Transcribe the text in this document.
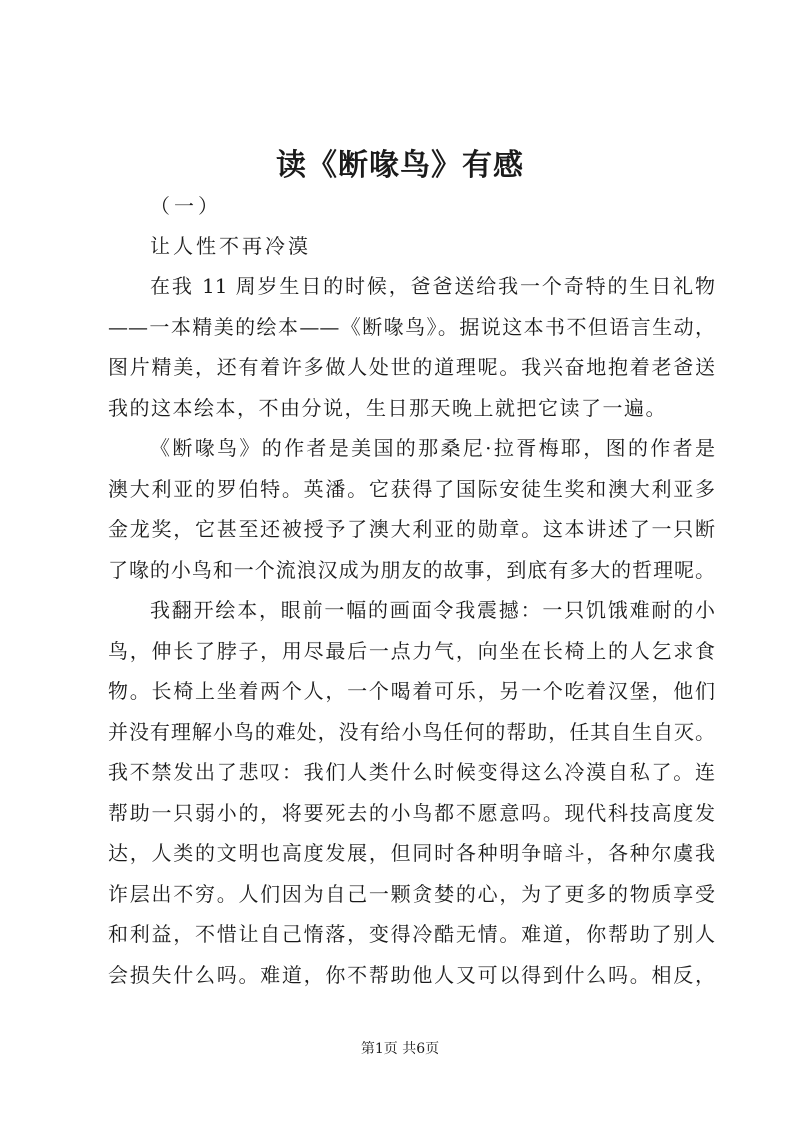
读《断喙鸟》有感
（一）
让人性不再冷漠
在我 11 周岁生日的时候，爸爸送给我一个奇特的生日礼物
——一本精美的绘本——《断喙鸟》。据说这本书不但语言生动，
图片精美，还有着许多做人处世的道理呢。我兴奋地抱着老爸送
我的这本绘本，不由分说，生日那天晚上就把它读了一遍。
《断喙鸟》的作者是美国的那桑尼·拉胥梅耶，图的作者是
澳大利亚的罗伯特。英潘。它获得了国际安徒生奖和澳大利亚多
金龙奖，它甚至还被授予了澳大利亚的勋章。这本讲述了一只断
了喙的小鸟和一个流浪汉成为朋友的故事，到底有多大的哲理呢。
我翻开绘本，眼前一幅的画面令我震撼：一只饥饿难耐的小
鸟，伸长了脖子，用尽最后一点力气，向坐在长椅上的人乞求食
物。长椅上坐着两个人，一个喝着可乐，另一个吃着汉堡，他们
并没有理解小鸟的难处，没有给小鸟任何的帮助，任其自生自灭。
我不禁发出了悲叹：我们人类什么时候变得这么冷漠自私了。连
帮助一只弱小的，将要死去的小鸟都不愿意吗。现代科技高度发
达，人类的文明也高度发展，但同时各种明争暗斗，各种尔虞我
诈层出不穷。人们因为自己一颗贪婪的心，为了更多的物质享受
和利益，不惜让自己惰落，变得冷酷无情。难道，你帮助了别人
会损失什么吗。难道，你不帮助他人又可以得到什么吗。相反，
第1页 共6页
